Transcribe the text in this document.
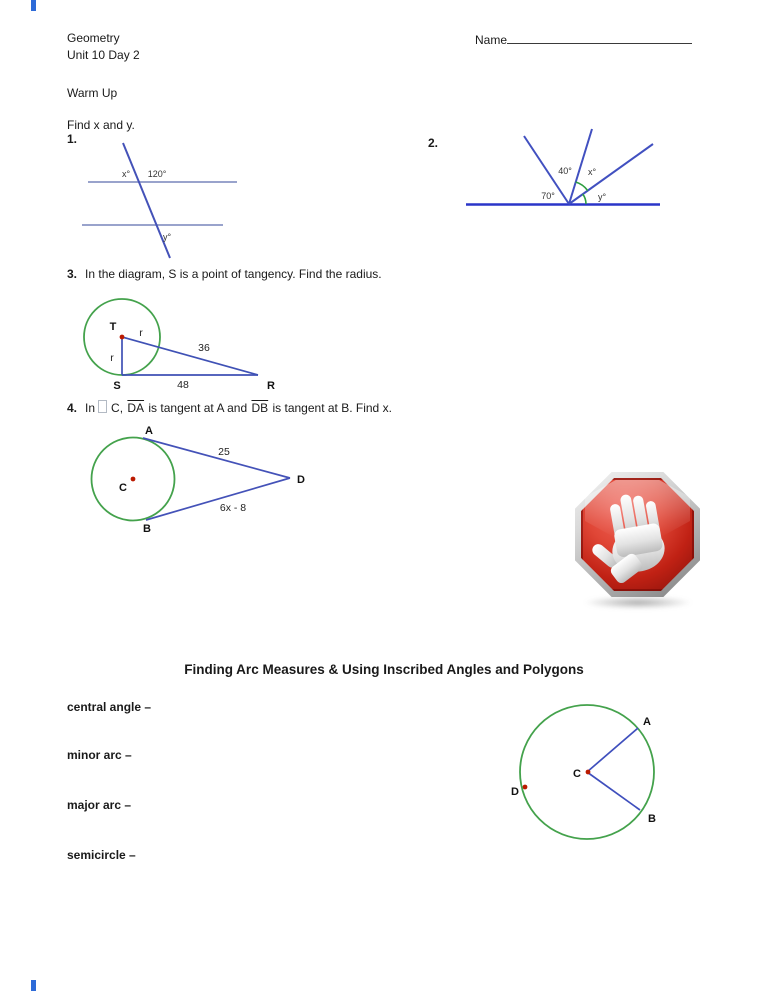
Geometry
Unit 10 Day 2
Name
Warm Up
Find x and y.
1.
x° 120°
y°
2.
40° x°
70°	y°
3. In the diagram, S is a point of tangency. Find the radius.
T r
r
36
S	48	R
4. In C, $\overline{DA}$ is tangent at A and $\overline{DB}$ is tangent at B. Find x.
C
A
25
D
6x - 8
B
Finding Arc Measures & Using Inscribed Angles and Polygons
central angle –
minor arc –
major arc –
semicircle –
C
D
A
B
